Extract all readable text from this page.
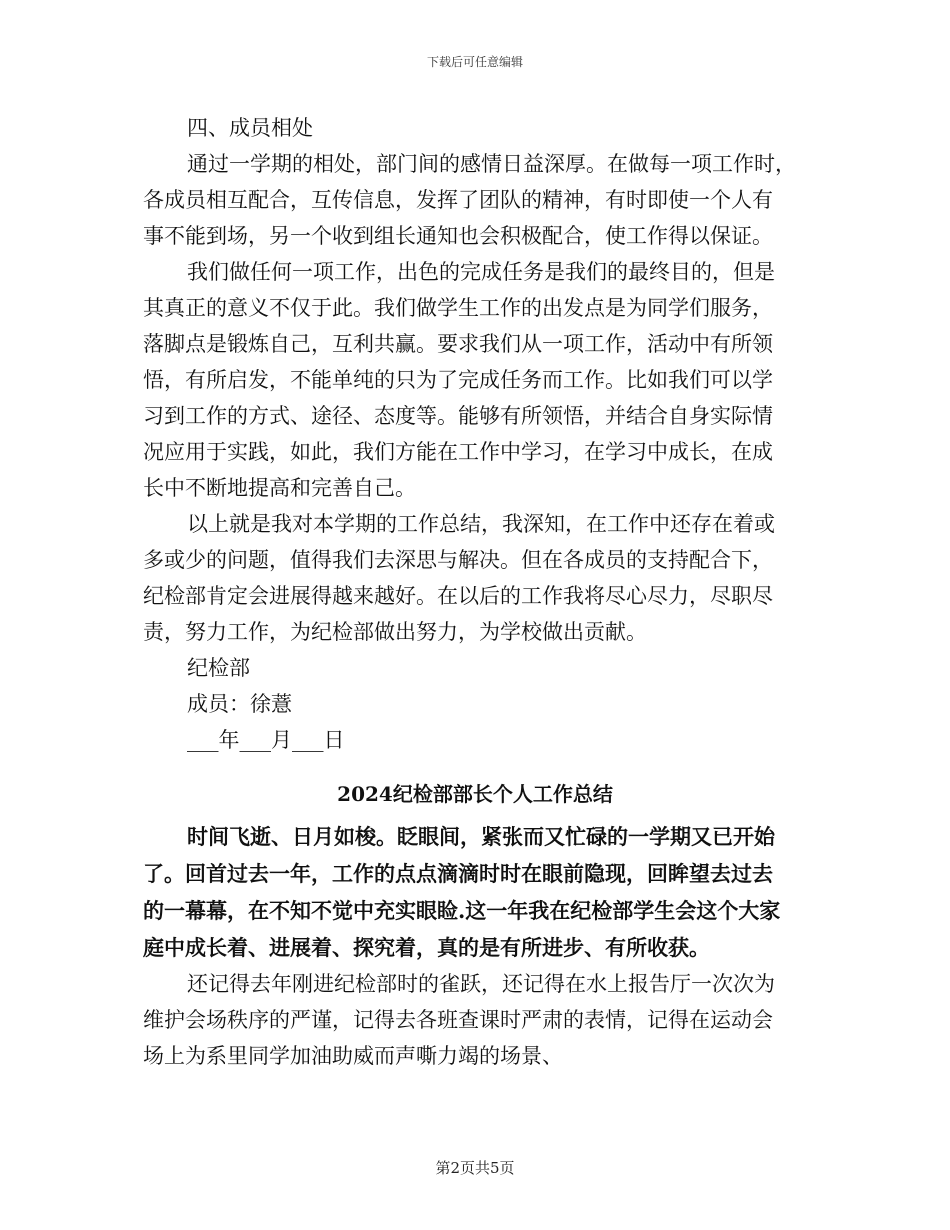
下载后可任意编辑
四、成员相处
通过一学期的相处，部门间的感情日益深厚。在做每一项工作时，
各成员相互配合，互传信息，发挥了团队的精神，有时即使一个人有
事不能到场，另一个收到组长通知也会积极配合，使工作得以保证。
我们做任何一项工作，出色的完成任务是我们的最终目的，但是
其真正的意义不仅于此。我们做学生工作的出发点是为同学们服务，
落脚点是锻炼自己，互利共赢。要求我们从一项工作，活动中有所领
悟，有所启发，不能单纯的只为了完成任务而工作。比如我们可以学
习到工作的方式、途径、态度等。能够有所领悟，并结合自身实际情
况应用于实践，如此，我们方能在工作中学习，在学习中成长，在成
长中不断地提高和完善自己。
以上就是我对本学期的工作总结，我深知，在工作中还存在着或
多或少的问题，值得我们去深思与解决。但在各成员的支持配合下，
纪检部肯定会进展得越来越好。在以后的工作我将尽心尽力，尽职尽
责，努力工作，为纪检部做出努力，为学校做出贡献。
纪检部
成员：徐薏
___年___月___日
2024纪检部部长个人工作总结
时间飞逝、日月如梭。眨眼间，紧张而又忙碌的一学期又已开始
了。回首过去一年，工作的点点滴滴时时在眼前隐现，回眸望去过去
的一幕幕，在不知不觉中充实眼睑.这一年我在纪检部学生会这个大家
庭中成长着、进展着、探究着，真的是有所进步、有所收获。
还记得去年刚进纪检部时的雀跃，还记得在水上报告厅一次次为
维护会场秩序的严谨，记得去各班查课时严肃的表情，记得在运动会
场上为系里同学加油助威而声嘶力竭的场景、
第2页共5页
